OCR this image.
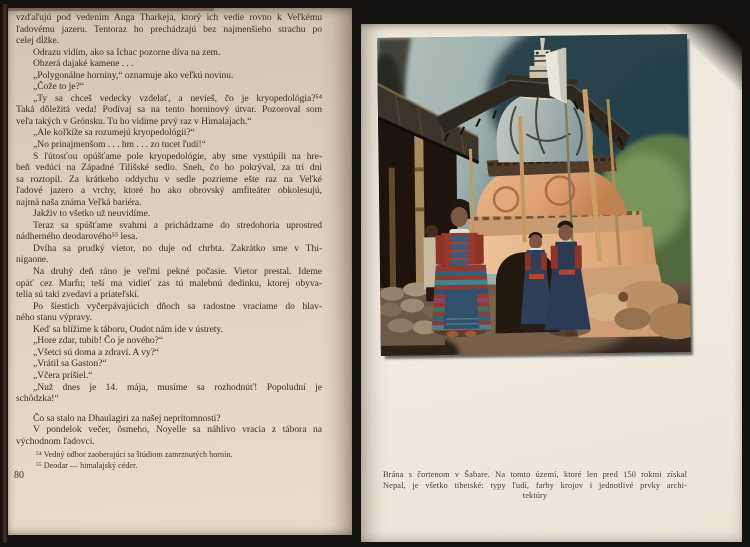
vzďaľujú pod vedením Anga Tharkeja, ktorý ich vedie rovno k Veľkému
ľadovému jazeru. Tentoraz ho prechádzajú bez najmenšieho strachu po
celej dĺžke.
Odrazu vidím, ako sa Ichac pozorne díva na zem.
Obzerá dajaké kamene . . .
„Polygonálne horniny,“ oznamuje ako veľkú novinu.
„Čože to je?“
„Ty sa chceš vedecky vzdelať, a nevieš, čo je kryopedológia?⁵⁴
Taká dôležitá veda! Podívaj sa na tento horninový útvar. Pozoroval som
veľa takých v Grónsku. Tu ho vidíme prvý raz v Himalajach.“
„Ale koľkíže sa rozumejú kryopedológii?“
„No prinajmenšom . . . hm . . . zo tucet ľudí!“
S ľútosťou opúšťame pole kryopedológie, aby sme vystúpili na hre-
beň vedúci na Západné Tilišské sedlo. Sneh, čo ho pokrýval, za tri dni
sa roztopil. Za krátkeho oddychu v sedle pozrieme ešte raz na Veľké
ľadové jazero a vrchy, ktoré ho ako obrovský amfiteáter obkolesujú,
najmä naša známa Veľká bariéra.
Jakživ to všetko už neuvidíme.
Teraz sa spúšťame svahmi a prichádzame do stredohoria uprostred
nádherného deodarového⁵⁵ lesa.
Dvíha sa prudký vietor, no duje od chrbta. Zakrátko sme v Thi-
nigaone.
Na druhý deň ráno je veľmi pekné počasie. Vietor prestal. Ideme
opäť cez Marfu; teší ma vidieť zas tú malebnú dedinku, ktorej obyva-
telia sú takí zvedaví a priateľskí.
Po šiestich vyčerpávajúcich dňoch sa radostne vraciame do hlav-
ného stanu výpravy.
Keď sa blížime k táboru, Oudot nám ide v ústrety.
„Hore zdar, tubib! Čo je nového?“
„Všetci sú doma a zdraví. A vy?“
„Vrátil sa Gaston?“
„Včera prišiel.“
„Nuž dnes je 14. mája, musíme sa rozhodnúť! Popoludní je
schôdzka!“
Čo sa stalo na Dhaulagiri za našej neprítomnosti?
V pondelok večer, ôsmeho, Noyelle sa náhlivo vracia z tábora na
východnom ľadovci.
⁵⁴ Vedný odbor zaoberajúci sa štúdiom zamrznutých hornín.
⁵⁵ Deodar — himalajský céder.
80	Brána s čortenom v Šabare. Na tomto území, ktoré len pred 150 rokmi získal
Nepal, je všetko tibetské: typy ľudí, farby krojov i jednotlivé prvky archi-
tektúry
